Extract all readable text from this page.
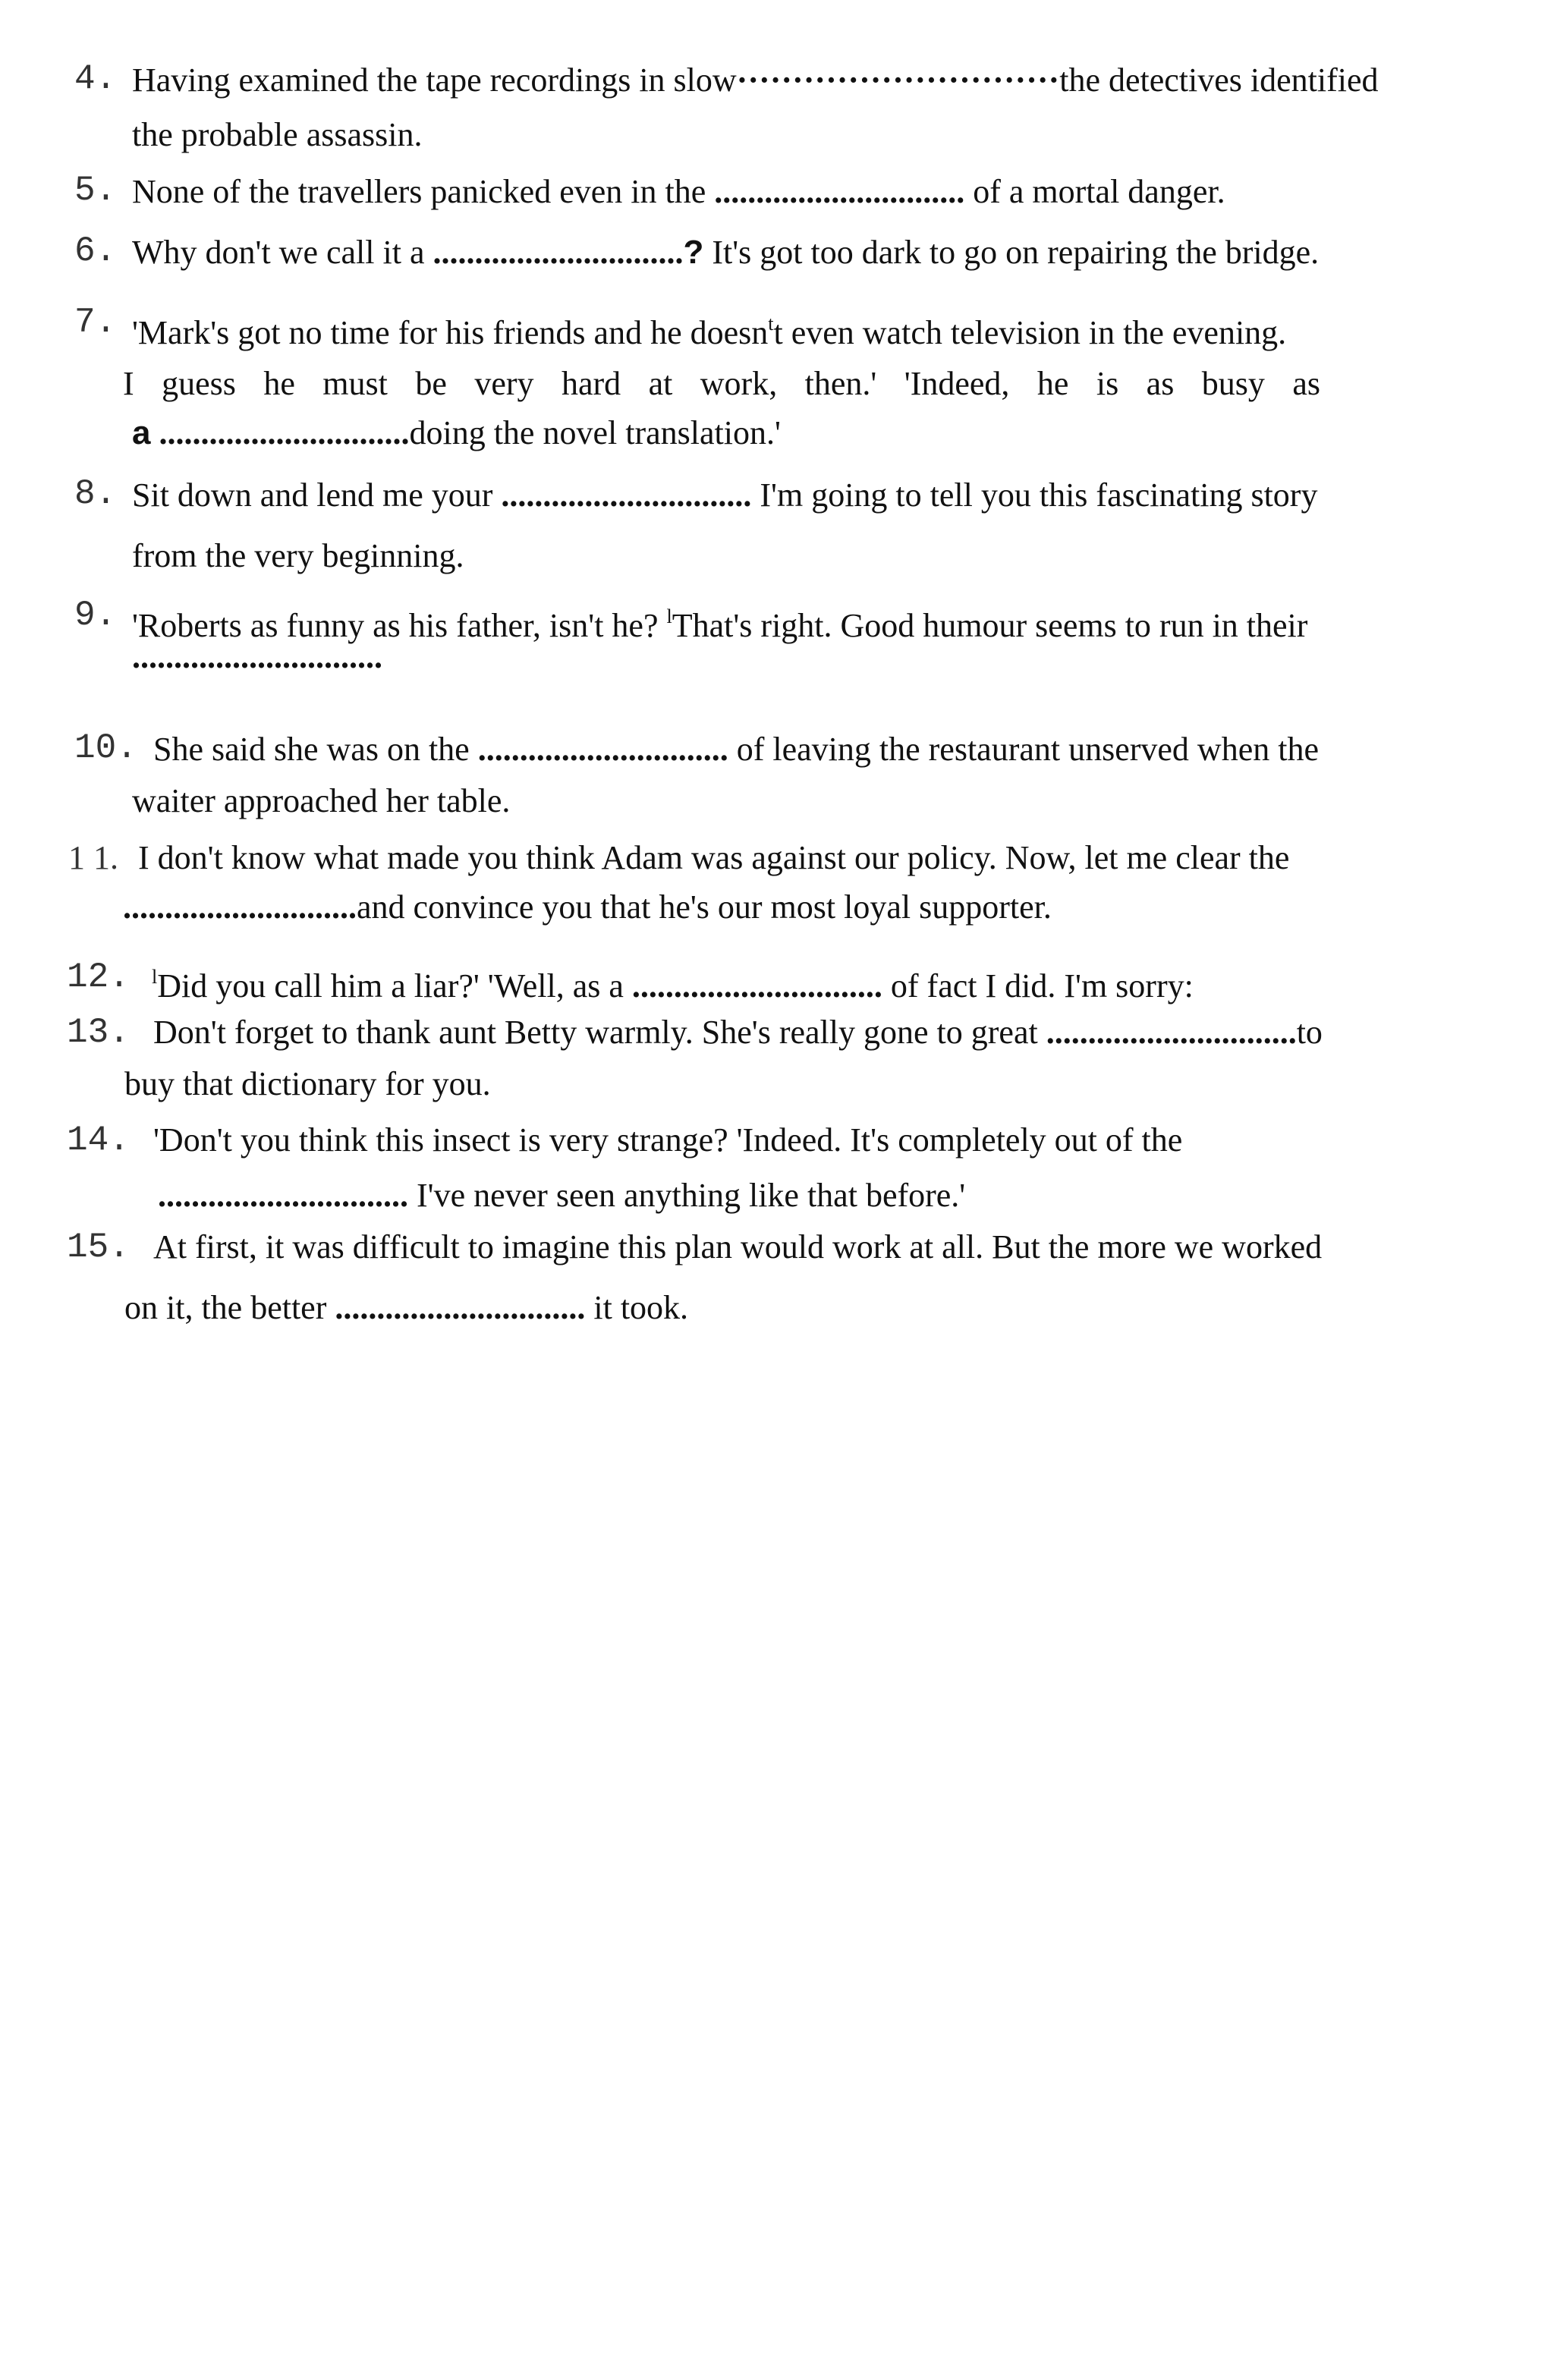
4. Having examined the tape recordings in slow·····························the detectives identified
the probable assassin.
5. None of the travellers panicked even in the .............................. of a mortal danger.
6. Why don't we call it a ..............................? It's got too dark to go on repairing the bridge.
7. 'Mark's got no time for his friends and he doesn$^t$t even watch television in the evening.
I guess he must be very hard at work, then.' 'Indeed, he is as busy as
a ..............................doing the novel translation.'
8. Sit down and lend me your .............................. I'm going to tell you this fascinating story
from the very beginning.
9. 'Roberts as funny as his father, isn't he? $^l$That's right. Good humour seems to run in their
..............................
10. She said she was on the .............................. of leaving the restaurant unserved when the
waiter approached her table.
1 1. I don't know what made you think Adam was against our policy. Now, let me clear the
............................and convince you that he's our most loyal supporter.
12. $^l$Did you call him a liar?' 'Well, as a .............................. of fact I did. I'm sorry:
13. Don't forget to thank aunt Betty warmly. She's really gone to great ..............................to
buy that dictionary for you.
14. 'Don't you think this insect is very strange? 'Indeed. It's completely out of the
.............................. I've never seen anything like that before.'
15. At first, it was difficult to imagine this plan would work at all. But the more we worked
on it, the better .............................. it took.
